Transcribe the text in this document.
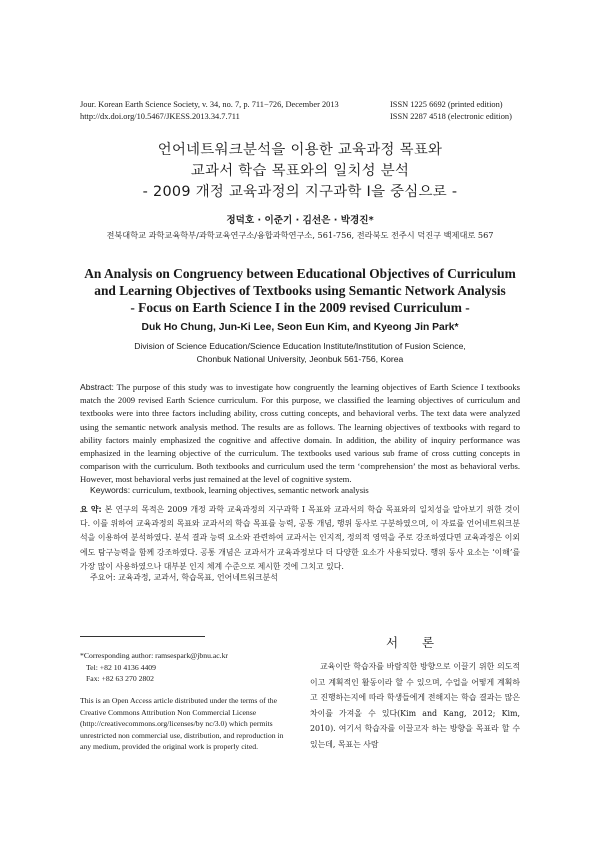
Jour. Korean Earth Science Society, v. 34, no. 7, p. 711−726, December 2013
http://dx.doi.org/10.5467/JKESS.2013.34.7.711
ISSN 1225 6692 (printed edition)
ISSN 2287 4518 (electronic edition)
언어네트워크분석을 이용한 교육과정 목표와
교과서 학습 목표와의 일치성 분석
- 2009 개정 교육과정의 지구과학 I을 중심으로 -
정덕호 · 이준기 · 김선은 · 박경진*
전북대학교 과학교육학부/과학교육연구소/융합과학연구소, 561-756, 전라북도 전주시 덕진구 백제대로 567
An Analysis on Congruency between Educational Objectives of Curriculum
and Learning Objectives of Textbooks using Semantic Network Analysis
- Focus on Earth Science I in the 2009 revised Curriculum -
Duk Ho Chung, Jun-Ki Lee, Seon Eun Kim, and Kyeong Jin Park*
Division of Science Education/Science Education Institute/Institution of Fusion Science,
Chonbuk National University, Jeonbuk 561-756, Korea
Abstract: The purpose of this study was to investigate how congruently the learning objectives of Earth Science I textbooks match the 2009 revised Earth Science curriculum. For this purpose, we classified the learning objectives of curriculum and textbooks were into three factors including ability, cross cutting concepts, and behavioral verbs. The text data were analyzed using the semantic network analysis method. The results are as follows. The learning objectives of textbooks with regard to ability factors mainly emphasized the cognitive and affective domain. In addition, the ability of inquiry performance was emphasized in the learning objective of the curriculum. The textbooks used various sub frame of cross cutting concepts in comparison with the curriculum. Both textbooks and curriculum used the term ‘comprehension’ the most as behavioral verbs. However, most behavioral verbs just remained at the level of cognitive system.
Keywords: curriculum, textbook, learning objectives, semantic network analysis
요 약: 본 연구의 목적은 2009 개정 과학 교육과정의 지구과학 I 목표와 교과서의 학습 목표와의 일치성을 알아보기 위한 것이다. 이를 위하여 교육과정의 목표와 교과서의 학습 목표를 능력, 공통 개념, 행위 동사로 구분하였으며, 이 자료를 언어네트워크분석을 이용하여 분석하였다. 분석 결과 능력 요소와 관련하여 교과서는 인지적, 정의적 영역을 주로 강조하였다면 교육과정은 이외에도 탐구능력을 함께 강조하였다. 공통 개념은 교과서가 교육과정보다 더 다양한 요소가 사용되었다. 행위 동사 요소는 ‘이해’를 가장 많이 사용하였으나 대부분 인지 체계 수준으로 제시한 것에 그치고 있다.
주요어: 교육과정, 교과서, 학습목표, 언어네트워크분석
*Corresponding author: ramsespark@jbnu.ac.kr
Tel: +82 10 4136 4409
Fax: +82 63 270 2802
This is an Open Access article distributed under the terms of the Creative Commons Attribution Non Commercial License (http://creativecommons.org/licenses/by nc/3.0) which permits unrestricted non commercial use, distribution, and reproduction in any medium, provided the original work is properly cited.
서 론
교육이란 학습자를 바람직한 방향으로 이끌기 위한 의도적이고 계획적인 활동이라 할 수 있으며, 수업을 어떻게 계획하고 진행하는지에 따라 학생들에게 전해지는 학습 결과는 많은 차이를 가져올 수 있다(Kim and Kang, 2012; Kim, 2010). 여기서 학습자를 이끌고자 하는 방향을 목표라 할 수 있는데, 목표는 사람
